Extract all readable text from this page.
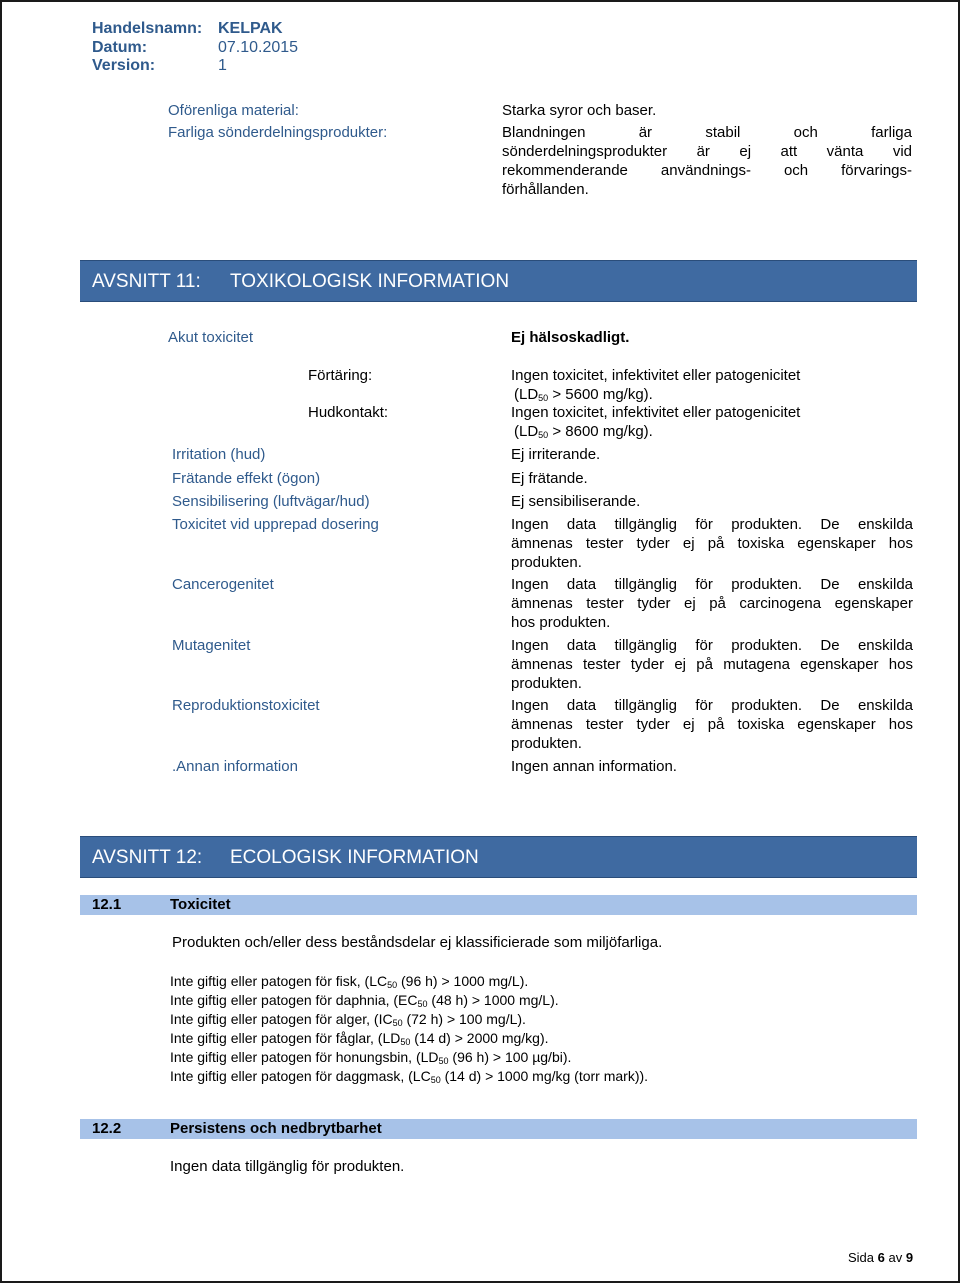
Handelsnamn: KELPAK
Datum:	07.10.2015
Version:	1
Oförenliga material:	Starka syror och baser.
Farliga sönderdelningsprodukter:	Blandningen är stabil och farliga
sönderdelningsprodukter är ej att vänta vid
rekommenderande användnings- och förvarings-
förhållanden.
AVSNITT 11: TOXIKOLOGISK INFORMATION
Akut toxicitet	Ej hälsoskadligt.
Förtäring:	Ingen toxicitet, infektivitet eller patogenicitet
($LD_{50} > 5600$ mg/kg).
Hudkontakt:	Ingen toxicitet, infektivitet eller patogenicitet
($LD_{50} > 8600$ mg/kg).
Irritation (hud)	Ej irriterande.
Frätande effekt (ögon)	Ej frätande.
Sensibilisering (luftvägar/hud)	Ej sensibiliserande.
Toxicitet vid upprepad dosering	Ingen data tillgänglig för produkten. De enskilda
ämnenas tester tyder ej på toxiska egenskaper hos
produkten.
Cancerogenitet	Ingen data tillgänglig för produkten. De enskilda
ämnenas tester tyder ej på carcinogena egenskaper
hos produkten.
Mutagenitet	Ingen data tillgänglig för produkten. De enskilda
ämnenas tester tyder ej på mutagena egenskaper hos
produkten.
Reproduktionstoxicitet	Ingen data tillgänglig för produkten. De enskilda
ämnenas tester tyder ej på toxiska egenskaper hos
produkten.
.Annan information	Ingen annan information.
AVSNITT 12: ECOLOGISK INFORMATION
12.1	Toxicitet
Produkten och/eller dess beståndsdelar ej klassificierade som miljöfarliga.
Inte giftig eller patogen för fisk, ($LC_{50}$ (96 h) > 1000 mg/L).
Inte giftig eller patogen för daphnia, ($EC_{50}$ (48 h) > 1000 mg/L).
Inte giftig eller patogen för alger, ($IC_{50}$ (72 h) > 100 mg/L).
Inte giftig eller patogen för fåglar, ($LD_{50}$ (14 d) > 2000 mg/kg).
Inte giftig eller patogen för honungsbin, ($LD_{50}$ (96 h) > 100 µg/bi).
Inte giftig eller patogen för daggmask, ($LC_{50}$ (14 d) > 1000 mg/kg (torr mark)).
12.2	Persistens och nedbrytbarhet
Ingen data tillgänglig för produkten.
Sida 6 av 9
